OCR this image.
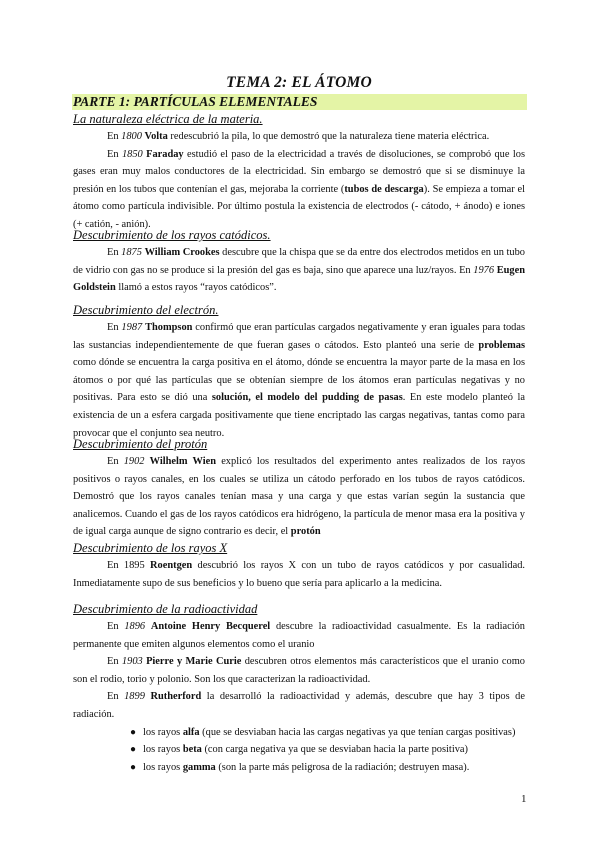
TEMA 2: EL ÁTOMO
PARTE 1: PARTÍCULAS ELEMENTALES
La naturaleza eléctrica de la materia.

En 1800 Volta redescubrió la pila, lo que demostró que la naturaleza tiene materia eléctrica.

En 1850 Faraday estudió el paso de la electricidad a través de disoluciones, se comprobó que los gases eran muy malos conductores de la electricidad. Sin embargo se demostró que si se disminuye la presión en los tubos que contenían el gas, mejoraba la corriente (tubos de descarga). Se empieza a tomar el átomo como partícula indivisible. Por último postula la existencia de electrodos (- cátodo, + ánodo) e iones (+ catión, - anión).

Descubrimiento de los rayos catódicos.

En 1875 William Crookes descubre que la chispa que se da entre dos electrodos metidos en un tubo de vidrio con gas no se produce si la presión del gas es baja, sino que aparece una luz/rayos. En 1976 Eugen Goldstein llamó a estos rayos “rayos catódicos”.

Descubrimiento del electrón.

En 1987 Thompson confirmó que eran partículas cargados negativamente y eran iguales para todas las sustancias independientemente de que fueran gases o cátodos. Esto planteó una serie de problemas como dónde se encuentra la carga positiva en el átomo, dónde se encuentra la mayor parte de la masa en los átomos o por qué las partículas que se obtenían siempre de los átomos eran partículas negativas y no positivas. Para esto se dió una solución, el modelo del pudding de pasas. En este modelo planteó la existencia de un a esfera cargada positivamente que tiene encriptado las cargas negativas, tantas como para provocar que el conjunto sea neutro.

Descubrimiento del protón

En 1902 Wilhelm Wien explicó los resultados del experimento antes realizados de los rayos positivos o rayos canales, en los cuales se utiliza un cátodo perforado en los tubos de rayos catódicos. Demostró que los rayos canales tenían masa y una carga y que estas varían según la sustancia que analicemos. Cuando el gas de los rayos catódicos era hidrógeno, la partícula de menor masa era la positiva y de igual carga aunque de signo contrario es decir, el protón

Descubrimiento de los rayos X

En 1895 Roentgen descubrió los rayos X con un tubo de rayos catódicos y por casualidad. Inmediatamente supo de sus beneficios y lo bueno que sería para aplicarlo a la medicina.

Descubrimiento de la radioactividad

En 1896 Antoine Henry Becquerel descubre la radioactividad casualmente. Es la radiación permanente que emiten algunos elementos como el uranio

En 1903 Pierre y Marie Curie descubren otros elementos más característicos que el uranio como son el rodio, torio y polonio. Son los que caracterizan la radioactividad.

En 1899 Rutherford la desarrolló la radioactividad y además, descubre que hay 3 tipos de radiación.

● los rayos alfa (que se desviaban hacia las cargas negativas ya que tenían cargas positivas)
● los rayos beta (con carga negativa ya que se desviaban hacia la parte positiva)
● los rayos gamma (son la parte más peligrosa de la radiación; destruyen masa).
1
